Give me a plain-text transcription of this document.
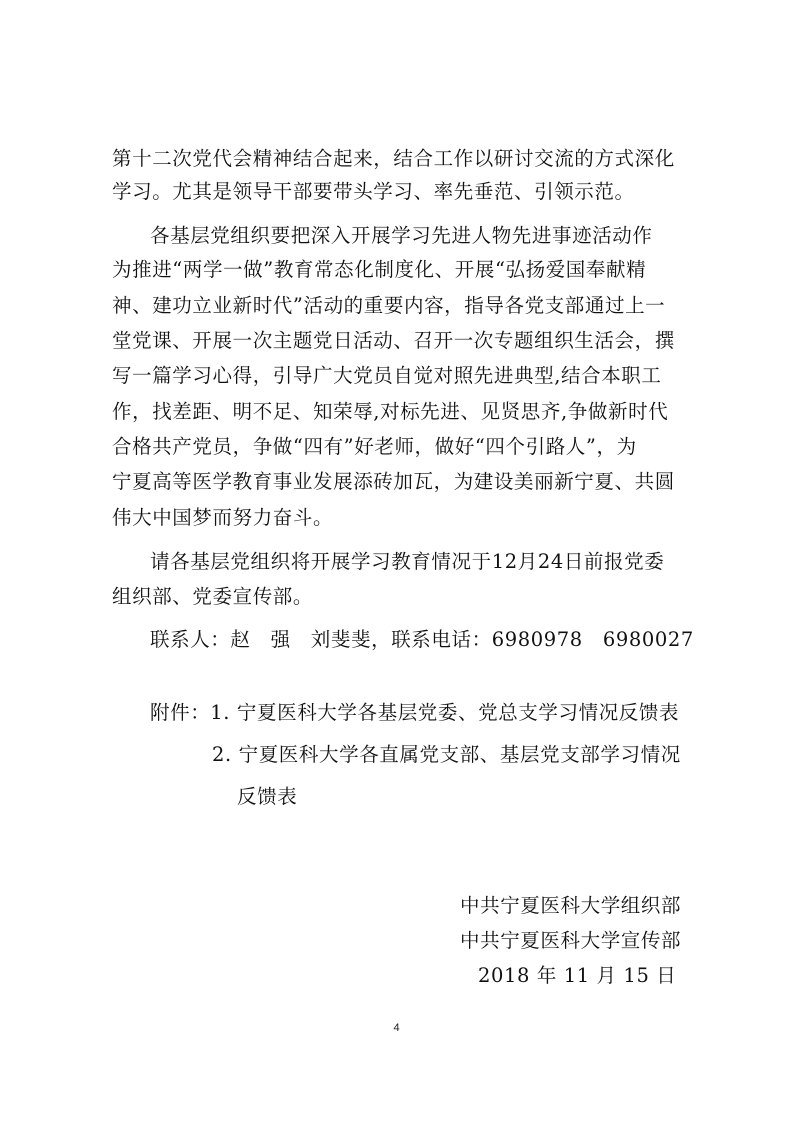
第十二次党代会精神结合起来，结合工作以研讨交流的方式深化
学习。尤其是领导干部要带头学习、率先垂范、引领示范。
各基层党组织要把深入开展学习先进人物先进事迹活动作
为推进“两学一做”教育常态化制度化、开展“弘扬爱国奉献精
神、建功立业新时代”活动的重要内容，指导各党支部通过上一
堂党课、开展一次主题党日活动、召开一次专题组织生活会，撰
写一篇学习心得，引导广大党员自觉对照先进典型,结合本职工
作，找差距、明不足、知荣辱,对标先进、见贤思齐,争做新时代
合格共产党员，争做“四有”好老师，做好“四个引路人”，为
宁夏高等医学教育事业发展添砖加瓦，为建设美丽新宁夏、共圆
伟大中国梦而努力奋斗。
请各基层党组织将开展学习教育情况于12月24日前报党委
组织部、党委宣传部。
联系人：赵　强　刘斐斐，联系电话：6980978　6980027
附件：1. 宁夏医科大学各基层党委、党总支学习情况反馈表
2. 宁夏医科大学各直属党支部、基层党支部学习情况
反馈表
中共宁夏医科大学组织部
中共宁夏医科大学宣传部
2018 年 11 月 15 日
4
